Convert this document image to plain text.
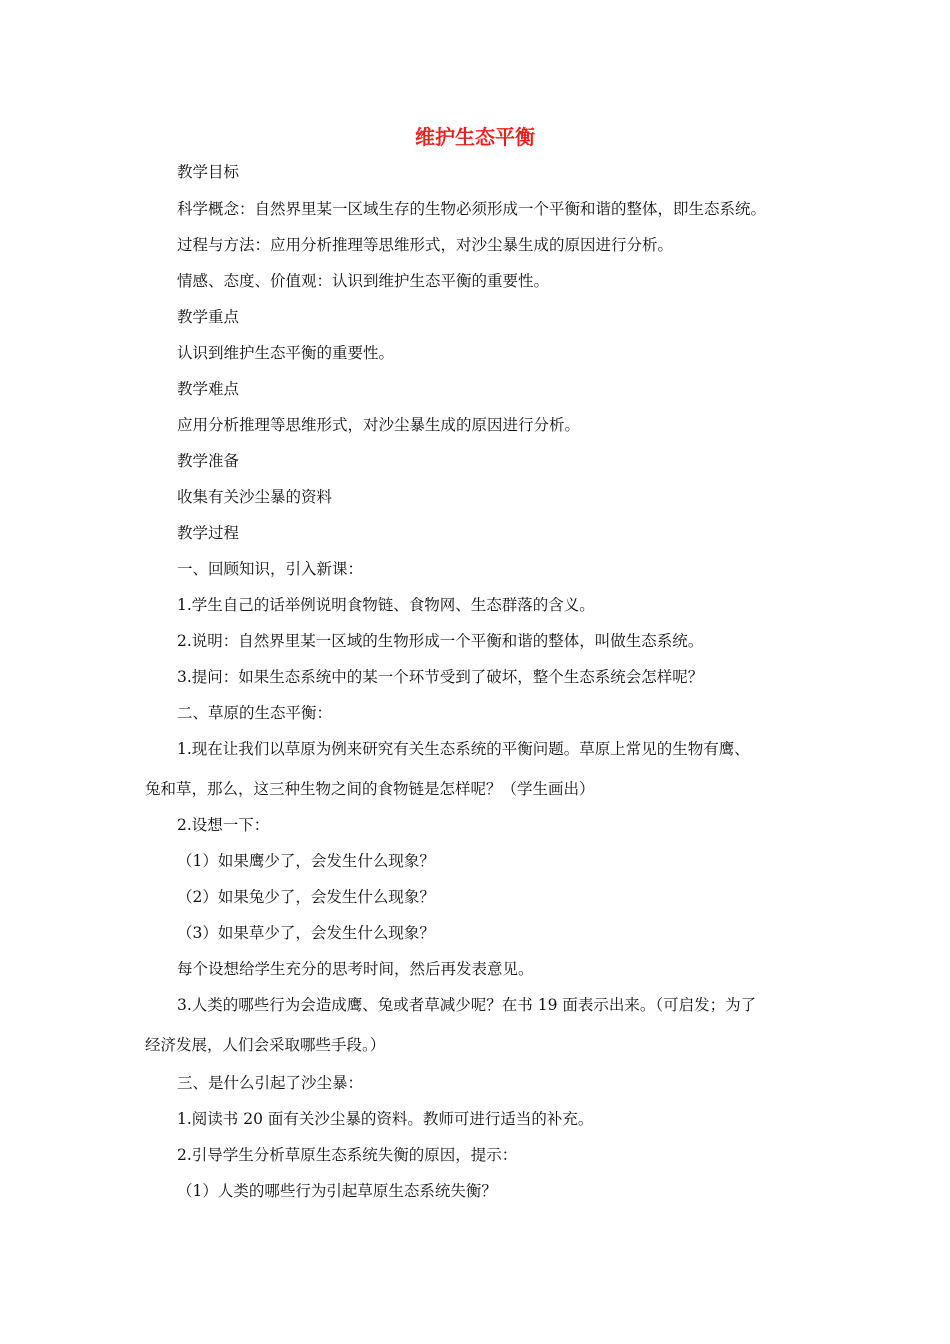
维护生态平衡

教学目标

科学概念：自然界里某一区域生存的生物必须形成一个平衡和谐的整体，即生态系统。

过程与方法：应用分析推理等思维形式，对沙尘暴生成的原因进行分析。

情感、态度、价值观：认识到维护生态平衡的重要性。

教学重点

认识到维护生态平衡的重要性。

教学难点

应用分析推理等思维形式，对沙尘暴生成的原因进行分析。

教学准备

收集有关沙尘暴的资料

教学过程

一、回顾知识，引入新课：

1.学生自己的话举例说明食物链、食物网、生态群落的含义。

2.说明：自然界里某一区域的生物形成一个平衡和谐的整体，叫做生态系统。

3.提问：如果生态系统中的某一个环节受到了破坏，整个生态系统会怎样呢？

二、草原的生态平衡：

1.现在让我们以草原为例来研究有关生态系统的平衡问题。草原上常见的生物有鹰、

兔和草，那么，这三种生物之间的食物链是怎样呢？（学生画出）

2.设想一下：

（1）如果鹰少了，会发生什么现象？

（2）如果兔少了，会发生什么现象？

（3）如果草少了，会发生什么现象？

每个设想给学生充分的思考时间，然后再发表意见。

3.人类的哪些行为会造成鹰、兔或者草减少呢？在书 19 面表示出来。（可启发；为了

经济发展，人们会采取哪些手段。）

三、是什么引起了沙尘暴：

1.阅读书 20 面有关沙尘暴的资料。教师可进行适当的补充。

2.引导学生分析草原生态系统失衡的原因，提示：

（1）人类的哪些行为引起草原生态系统失衡？
